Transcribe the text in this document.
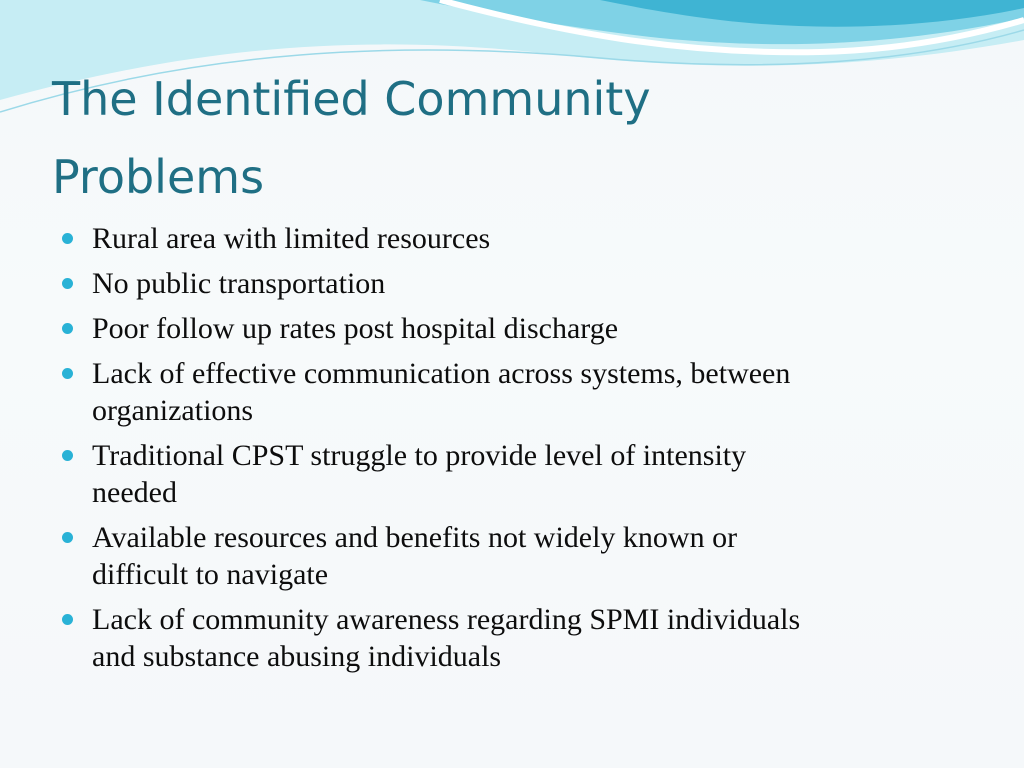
The Identified Community
Problems
Rural area with limited resources
No public transportation
Poor follow up rates post hospital discharge
Lack of effective communication across systems, between
organizations
Traditional CPST struggle to provide level of intensity
needed
Available resources and benefits not widely known or
difficult to navigate
Lack of community awareness regarding SPMI individuals
and substance abusing individuals
